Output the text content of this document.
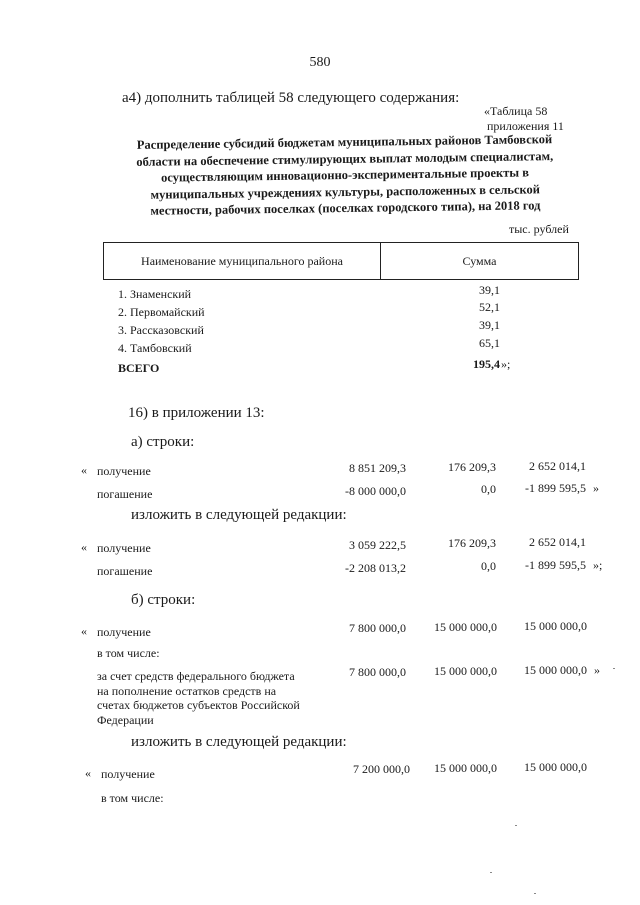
580
а4) дополнить таблицей 58 следующего содержания:
«Таблица 58
приложения 11
Распределение субсидий бюджетам муниципальных районов Тамбовской
области на обеспечение стимулирующих выплат молодым специалистам,
осуществляющим инновационно-экспериментальные проекты в
муниципальных учреждениях культуры, расположенных в сельской
местности, рабочих поселках (поселках городского типа), на 2018 год
тыс. рублей
Наименование муниципального района	Сумма
1. Знаменский	39,1
2. Первомайский	52,1
3. Рассказовский	39,1
4. Тамбовский	65,1
ВСЕГО	195,4 »;
16) в приложении 13:
а) строки:
« получение	8 851 209,3	176 209,3	2 652 014,1
погашение	-8 000 000,0	0,0	-1 899 595,5 »
изложить в следующей редакции:
« получение	3 059 222,5	176 209,3	2 652 014,1
погашение	-2 208 013,2	0,0	-1 899 595,5 »;
б) строки:
« получение	7 800 000,0	15 000 000,0	15 000 000,0
в том числе:
за счет средств федерального бюджета
на пополнение остатков средств на
счетах бюджетов субъектов Российской
Федерации
7 800 000,0	15 000 000,0	15 000 000,0 »
изложить в следующей редакции:
« получение	7 200 000,0	15 000 000,0	15 000 000,0
в том числе:
